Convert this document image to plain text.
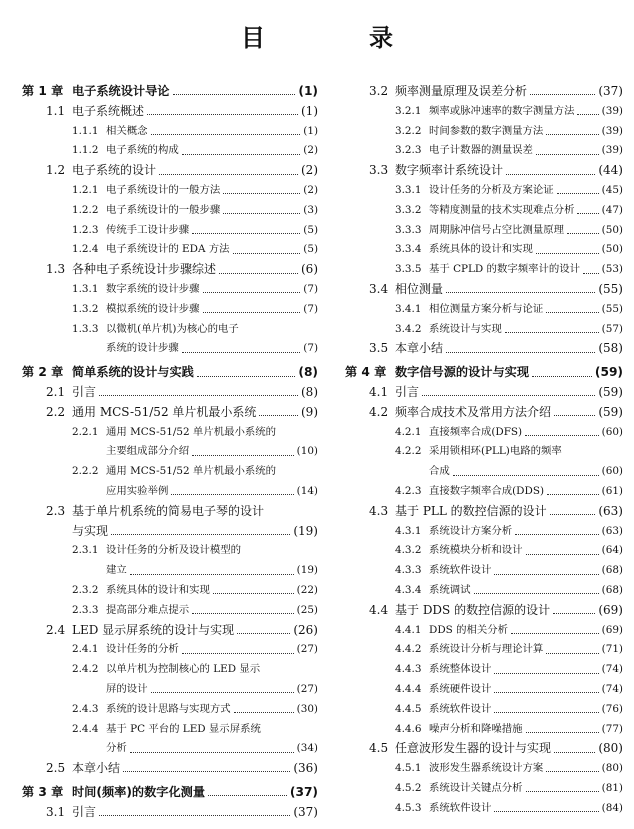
目　录
第 1 章 电子系统设计导论	(1)
1.1 电子系统概述	(1)
1.1.1 相关概念	(1)
1.1.2 电子系统的构成	(2)
1.2 电子系统的设计	(2)
1.2.1 电子系统设计的一般方法	(2)
1.2.2 电子系统设计的一般步骤	(3)
1.2.3 传统手工设计步骤	(5)
1.2.4 电子系统设计的 EDA 方法	(5)
1.3 各种电子系统设计步骤综述	(6)
1.3.1 数字系统的设计步骤	(7)
1.3.2 模拟系统的设计步骤	(7)
1.3.3 以微机(单片机)为核心的电子
系统的设计步骤	(7)
第 2 章 简单系统的设计与实践	(8)
2.1 引言	(8)
2.2 通用 MCS-51/52 单片机最小系统	(9)
2.2.1 通用 MCS-51/52 单片机最小系统的
主要组成部分介绍	(10)
2.2.2 通用 MCS-51/52 单片机最小系统的
应用实验举例	(14)
2.3 基于单片机系统的简易电子琴的设计
与实现	(19)
2.3.1 设计任务的分析及设计模型的
建立	(19)
2.3.2 系统具体的设计和实现	(22)
2.3.3 提高部分难点提示	(25)
2.4 LED 显示屏系统的设计与实现	(26)
2.4.1 设计任务的分析	(27)
2.4.2 以单片机为控制核心的 LED 显示
屏的设计	(27)
2.4.3 系统的设计思路与实现方式	(30)
2.4.4 基于 PC 平台的 LED 显示屏系统
分析	(34)
2.5 本章小结	(36)
第 3 章 时间(频率)的数字化测量	(37)
3.1 引言	(37)
3.2 频率测量原理及误差分析	(37)
3.2.1 频率或脉冲速率的数字测量方法	(39)
3.2.2 时间参数的数字测量方法	(39)
3.2.3 电子计数器的测量误差	(39)
3.3 数字频率计系统设计	(44)
3.3.1 设计任务的分析及方案论证	(45)
3.3.2 等精度测量的技术实现难点分析	(47)
3.3.3 周期脉冲信号占空比测量原理	(50)
3.3.4 系统具体的设计和实现	(50)
3.3.5 基于 CPLD 的数字频率计的设计 (53)
3.4 相位测量	(55)
3.4.1 相位测量方案分析与论证	(55)
3.4.2 系统设计与实现	(57)
3.5 本章小结	(58)
第 4 章 数字信号源的设计与实现	(59)
4.1 引言	(59)
4.2 频率合成技术及常用方法介绍	(59)
4.2.1 直接频率合成(DFS)	(60)
4.2.2 采用锁相环(PLL)电路的频率
合成	(60)
4.2.3 直接数字频率合成(DDS)	(61)
4.3 基于 PLL 的数控信源的设计	(63)
4.3.1 系统设计方案分析	(63)
4.3.2 系统模块分析和设计	(64)
4.3.3 系统软件设计	(68)
4.3.4 系统调试	(68)
4.4 基于 DDS 的数控信源的设计	(69)
4.4.1 DDS 的相关分析	(69)
4.4.2 系统设计分析与理论计算	(71)
4.4.3 系统整体设计	(74)
4.4.4 系统硬件设计	(74)
4.4.5 系统软件设计	(76)
4.4.6 噪声分析和降噪措施	(77)
4.5 任意波形发生器的设计与实现	(80)
4.5.1 波形发生器系统设计方案	(80)
4.5.2 系统设计关键点分析	(81)
4.5.3 系统软件设计	(84)
